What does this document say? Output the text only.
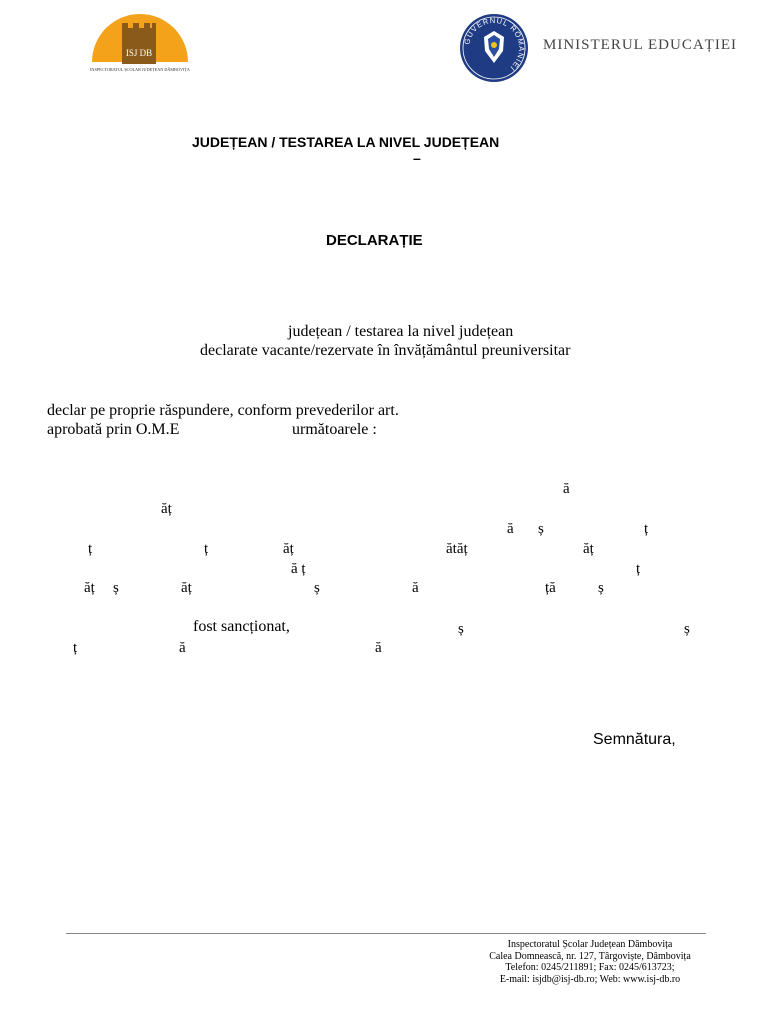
ISJ DB
INSPECTORATUL ȘCOLAR JUDEȚEAN DÂMBOVIȚA
GUVERNUL ROMÂNIEI
MINISTERUL EDUCAȚIEI
JUDEȚEAN / TESTAREA LA NIVEL JUDEȚEAN
–
DECLARAȚIE
județean / testarea la nivel județean
declarate vacante/rezervate în învățământul preuniversitar
declar pe proprie răspundere, conform prevederilor art.
aprobată prin O.M.E	următoarele :
ă
ăț
ă ș	ț
ț	ț	ăț	ătăț	ăț
ă ț	ț
ăț ș	ăț	ș	ă	ță	ș
fost sancționat,	ș	ș
ț	ă	ă
Semnătura,
Inspectoratul Școlar Județean Dâmbovița
Calea Domnească, nr. 127, Târgoviște, Dâmbovița
Telefon: 0245/211891; Fax: 0245/613723;
E-mail: isjdb@isj-db.ro; Web: www.isj-db.ro
